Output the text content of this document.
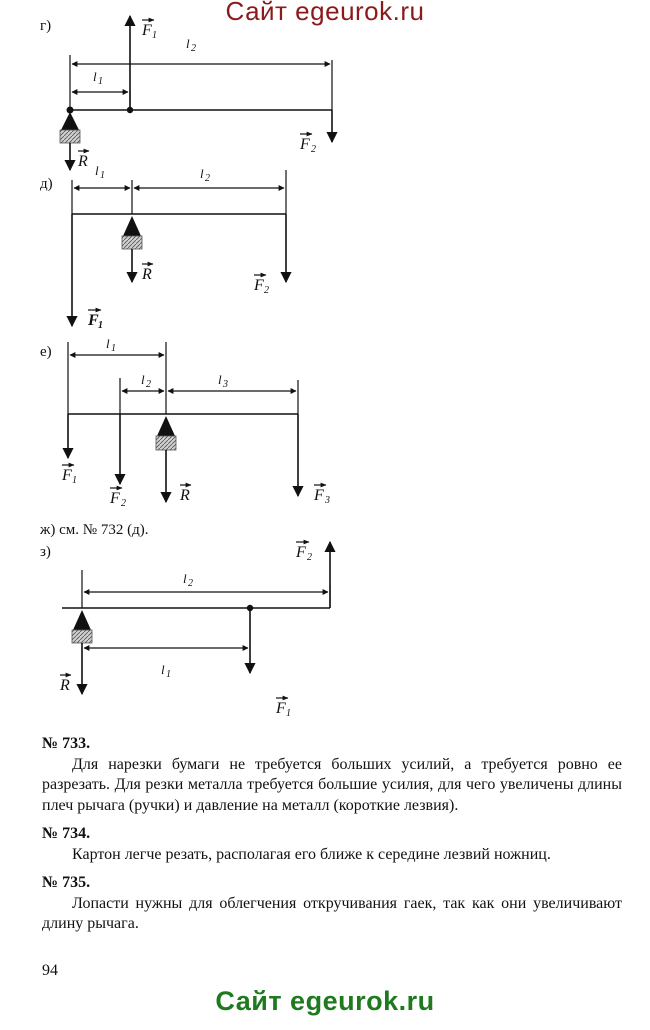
Сайт egeurok.ru
г)
l 2
l 1
F 1
F 2
R
д)
l 1	l 2
R
F 2
F 1
е)
l 1
l 2	l 3
F 1
F 2	R	F 3
ж) см. № 732 (д).
з)
l 2
l 1
F 2
R
F 1

№ 733.

Для нарезки бумаги не требуется больших усилий, а требуется ровно ее разрезать. Для резки металла требуется большие усилия, для чего увеличены длины плеч рычага (ручки) и давление на металл (короткие лезвия).

№ 734.

Картон легче резать, располагая его ближе к середине лезвий ножниц.

№ 735.

Лопасти нужны для облегчения откручивания гаек, так как они увеличивают длину рычага.

94
Сайт egeurok.ru
